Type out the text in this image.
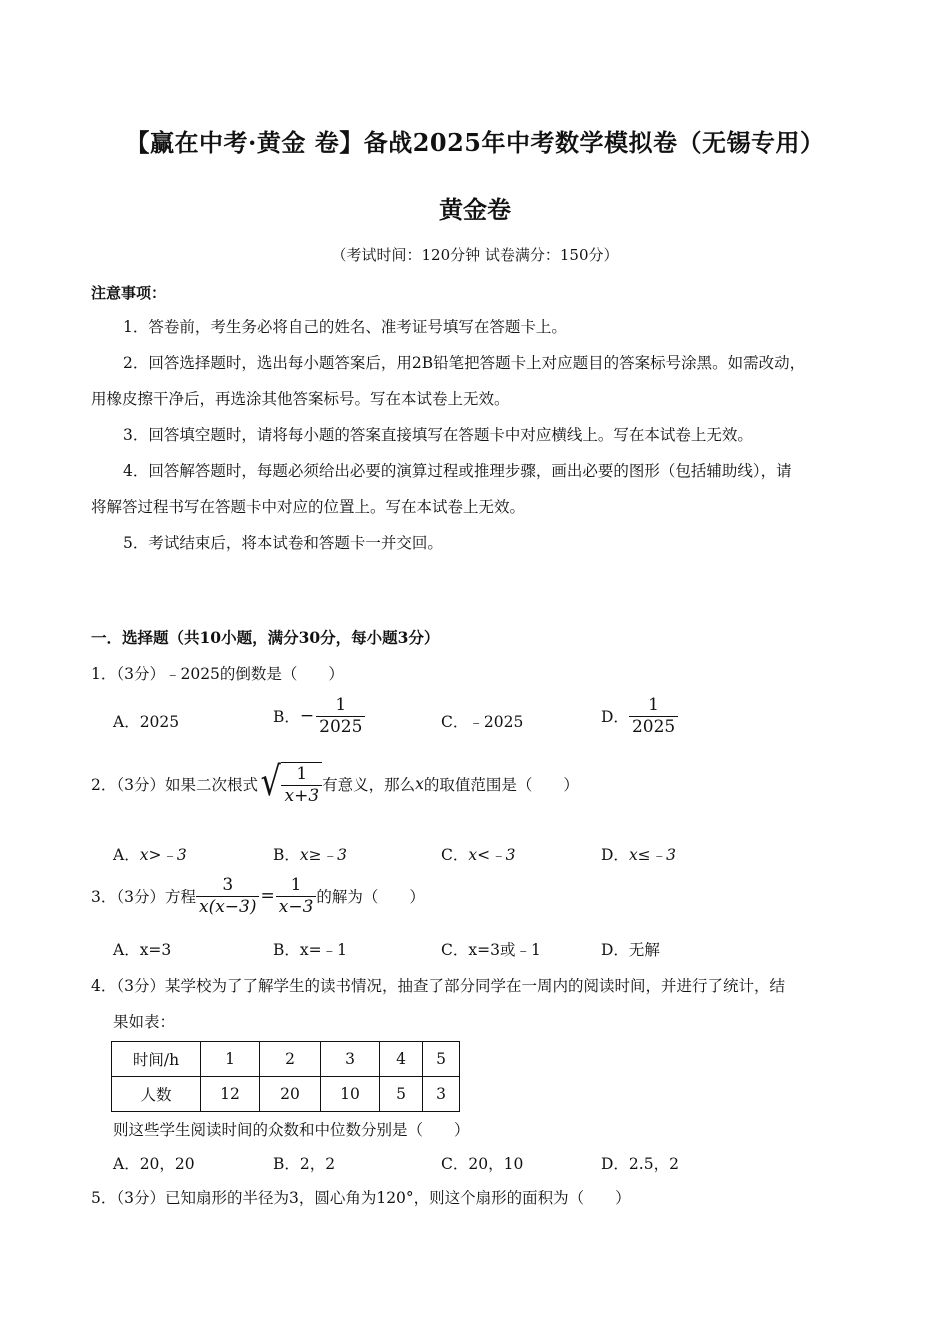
【赢在中考·黄金 卷】备战2025年中考数学模拟卷（无锡专用）
黄金卷
（考试时间：120分钟 试卷满分：150分）
注意事项：
1．答卷前，考生务必将自己的姓名、准考证号填写在答题卡上。
2．回答选择题时，选出每小题答案后，用2B铅笔把答题卡上对应题目的答案标号涂黑。如需改动，
用橡皮擦干净后，再选涂其他答案标号。写在本试卷上无效。
3．回答填空题时，请将每小题的答案直接填写在答题卡中对应横线上。写在本试卷上无效。
4．回答解答题时，每题必须给出必要的演算过程或推理步骤，画出必要的图形（包括辅助线），请
将解答过程书写在答题卡中对应的位置上。写在本试卷上无效。
5．考试结束后，将本试卷和答题卡一并交回。
一．选择题（共10小题，满分30分，每小题3分）
1．（3分）﹣2025的倒数是（　　）
A．2025	B． − $\frac{1}{2025}$	C．﹣2025	D． $\frac{1}{2025}$
2．（3分）如果二次根式 √ $\frac{1}{x+3}$ 有意义，那么 x 的取值范围是（　　）
A．x>﹣3	B．x≥﹣3	C．x<﹣3	D．x≤﹣3
3．（3分）方程 $\frac{3}{x(x-3)} = \frac{1}{x-3}$ 的解为（　　）
A．x=3	B．x=﹣1	C．x=3或﹣1	D．无解
4．（3分）某学校为了了解学生的读书情况，抽查了部分同学在一周内的阅读时间，并进行了统计，结
果如表：
时间/h	1	2	3	4	5
人数	12	20	10	5	3
则这些学生阅读时间的众数和中位数分别是（　　）
A．20，20	B．2，2	C．20，10	D．2.5，2
5．（3分）已知扇形的半径为3，圆心角为120°，则这个扇形的面积为（　　）
